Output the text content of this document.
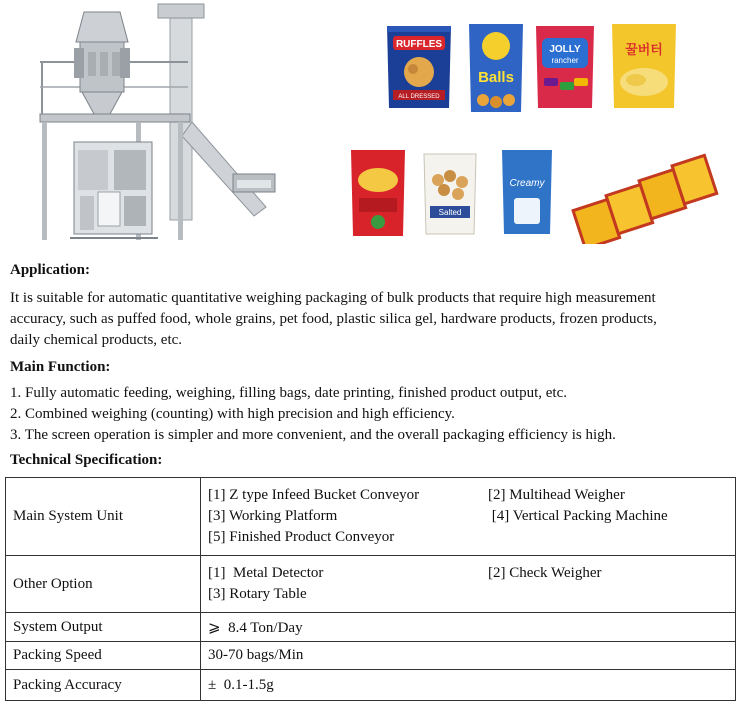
RUFFLES
ALL DRESSED
Balls
JOLLY
rancher
꿀버터
Salted
Creamy
Application:
It is suitable for automatic quantitative weighing packaging of bulk products that require high measurement
accuracy, such as puffed food, whole grains, pet food, plastic silica gel, hardware products, frozen products,
daily chemical products, etc.
Main Function:
1. Fully automatic feeding, weighing, filling bags, date printing, finished product output, etc.
2. Combined weighing (counting) with high precision and high efficiency.
3. The screen operation is simpler and more convenient, and the overall packaging efficiency is high.
Technical Specification:
Main System Unit	[1] Z type Infeed Bucket Conveyor [2] Multihead Weigher
[3] Working Platform [4] Vertical Packing Machine
[5] Finished Product Conveyor

Other Option	[1]  Metal Detector [2] Check Weigher
[3] Rotary Table

System Output	⩾  8.4 Ton/Day
Packing Speed	30-70 bags/Min
Packing Accuracy	±  0.1-1.5g
